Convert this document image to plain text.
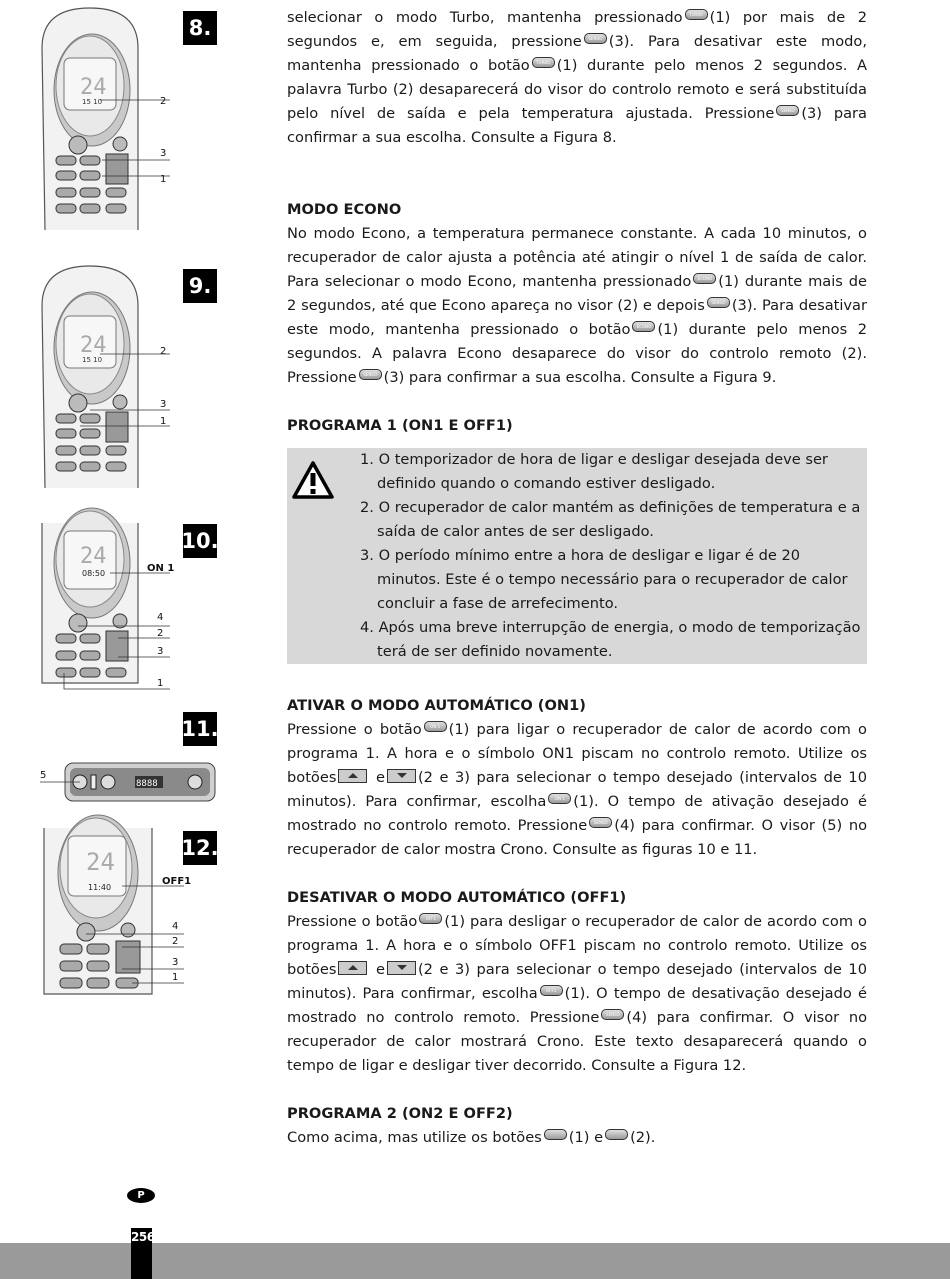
8.
24
15 10	2
3
1
9.
24
15 10
2
3
1
10.
24
08:50	ON 1
4
2
3
1
11.
8888
5
12.
24
11:40
OFF1
4
2
3
1

selecionar o modo Turbo, mantenha pressionado TURBO (1) por mais de 2 segundos e, em seguida, pressione SENSO (3). Para desativar este modo, mantenha pressionado o botão TURBO (1) durante pelo menos 2 segundos. A palavra Turbo (2) desaparecerá do visor do controlo remoto e será substituída pelo nível de saída e pela temperatura ajustada. Pressione SENSO (3) para confirmar a sua escolha. Consulte a Figura 8.

MODO ECONO

No modo Econo, a temperatura permanece constante. A cada 10 minutos, o recuperador de calor ajusta a potência até atingir o nível 1 de saída de calor. Para selecionar o modo Econo, mantenha pressionado ECONO (1) durante mais de 2 segundos, até que Econo apareça no visor (2) e depois SENSO (3). Para desativar este modo, mantenha pressionado o botão ECONO (1) durante pelo menos 2 segundos. A palavra Econo desaparece do visor do controlo remoto (2). Pressione SENSO (3) para confirmar a sua escolha. Consulte a Figura 9.

PROGRAMA 1 (ON1 E OFF1)
1. O temporizador de hora de ligar e desligar desejada deve ser definido quando o comando estiver desligado.
2. O recuperador de calor mantém as definições de temperatura e a saída de calor antes de ser desligado.
3. O período mínimo entre a hora de desligar e ligar é de 20 minutos. Este é o tempo necessário para o recuperador de calor concluir a fase de arrefecimento.
4. Após uma breve interrupção de energia, o modo de temporização terá de ser definido novamente.
ATIVAR O MODO AUTOMÁTICO (ON1)

Pressione o botão ON 1 (1) para ligar o recuperador de calor de acordo com o programa 1. A hora e o símbolo ON1 piscam no controlo remoto. Utilize os botões	e (2 e 3) para selecionar o tempo desejado (intervalos de 10 minutos). Para confirmar, escolha ON 1 (1). O tempo de ativação desejado é mostrado no controlo remoto. Pressione SENSO (4) para confirmar. O visor (5) no recuperador de calor mostra Crono. Consulte as figuras 10 e 11.

DESATIVAR O MODO AUTOMÁTICO (OFF1)

Pressione o botão OFF1 (1) para desligar o recuperador de calor de acordo com o programa 1. A hora e o símbolo OFF1 piscam no controlo remoto. Utilize os botões	e (2 e 3) para selecionar o tempo desejado (intervalos de 10 minutos). Para confirmar, escolha OFF1 (1). O tempo de desativação desejado é mostrado no controlo remoto. Pressione SENSO (4) para confirmar. O visor no recuperador de calor mostrará Crono. Este texto desaparecerá quando o tempo de ligar e desligar tiver decorrido. Consulte a Figura 12.

PROGRAMA 2 (ON2 E OFF2)

Como acima, mas utilize os botões (1) e (2).

P
256
